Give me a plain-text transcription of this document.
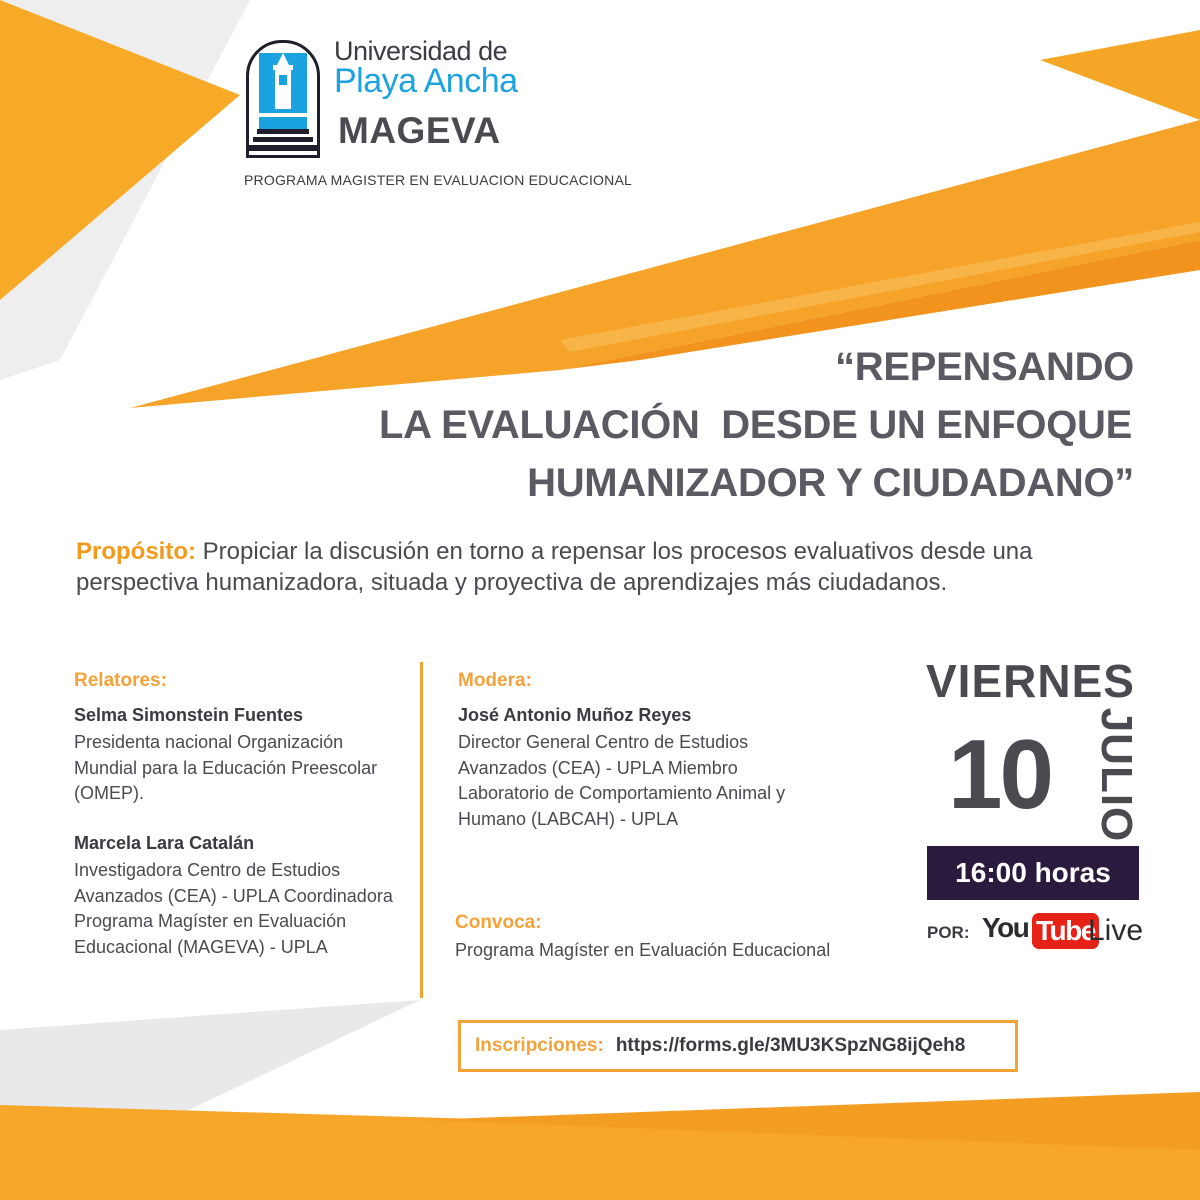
Universidad de
Playa Ancha
MAGEVA
PROGRAMA MAGISTER EN EVALUACION EDUCACIONAL
“REPENSANDO
LA EVALUACIÓN  DESDE UN ENFOQUE
HUMANIZADOR Y CIUDADANO”
Propósito: Propiciar la discusión en torno a repensar los procesos evaluativos desde una perspectiva humanizadora, situada y proyectiva de aprendizajes más ciudadanos.
Relatores:
Selma Simonstein Fuentes
Presidenta nacional Organización Mundial para la Educación Preescolar (OMEP).
Marcela Lara Catalán
Investigadora Centro de Estudios Avanzados (CEA) - UPLA Coordinadora Programa Magíster en Evaluación Educacional (MAGEVA) - UPLA
Modera:
José Antonio Muñoz Reyes
Director General Centro de Estudios Avanzados (CEA) - UPLA Miembro Laboratorio de Comportamiento Animal y Humano (LABCAH) - UPLA
Convoca:
Programa Magíster en Evaluación Educacional
VIERNES
10 JULIO
16:00 horas
POR: You Tube
Live
Inscripciones: https://forms.gle/3MU3KSpzNG8ijQeh8
